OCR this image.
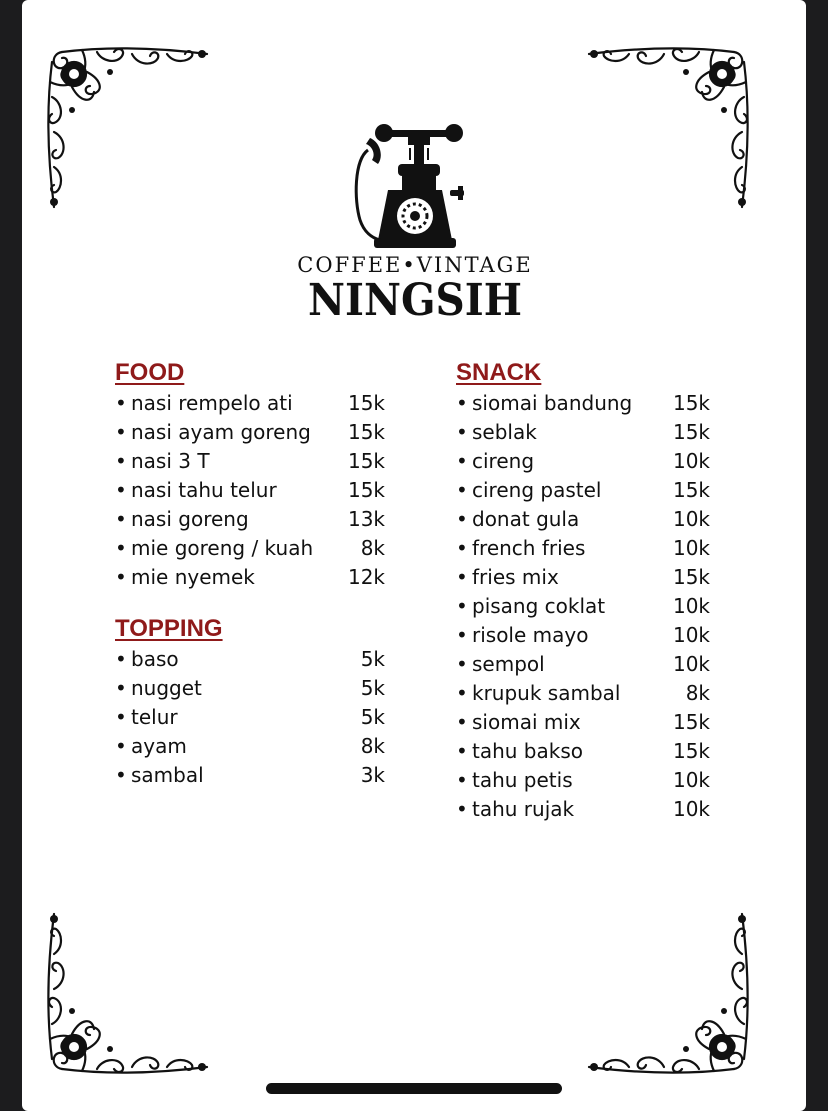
COFFEE•VINTAGE
NINGSIH
FOOD
• nasi rempelo ati	15k
• nasi ayam goreng 15k
• nasi 3 T	15k
• nasi tahu telur	15k
• nasi goreng	13k
• mie goreng / kuah 8k
• mie nyemek	12k
TOPPING
• baso	5k
• nugget	5k
• telur	5k
• ayam	8k
• sambal	3k
SNACK
• siomai bandung 15k
• seblak	15k
• cireng	10k
• cireng pastel	15k
• donat gula	10k
• french fries	10k
• fries mix	15k
• pisang coklat	10k
• risole mayo	10k
• sempol	10k
• krupuk sambal	8k
• siomai mix	15k
• tahu bakso	15k
• tahu petis	10k
• tahu rujak	10k
